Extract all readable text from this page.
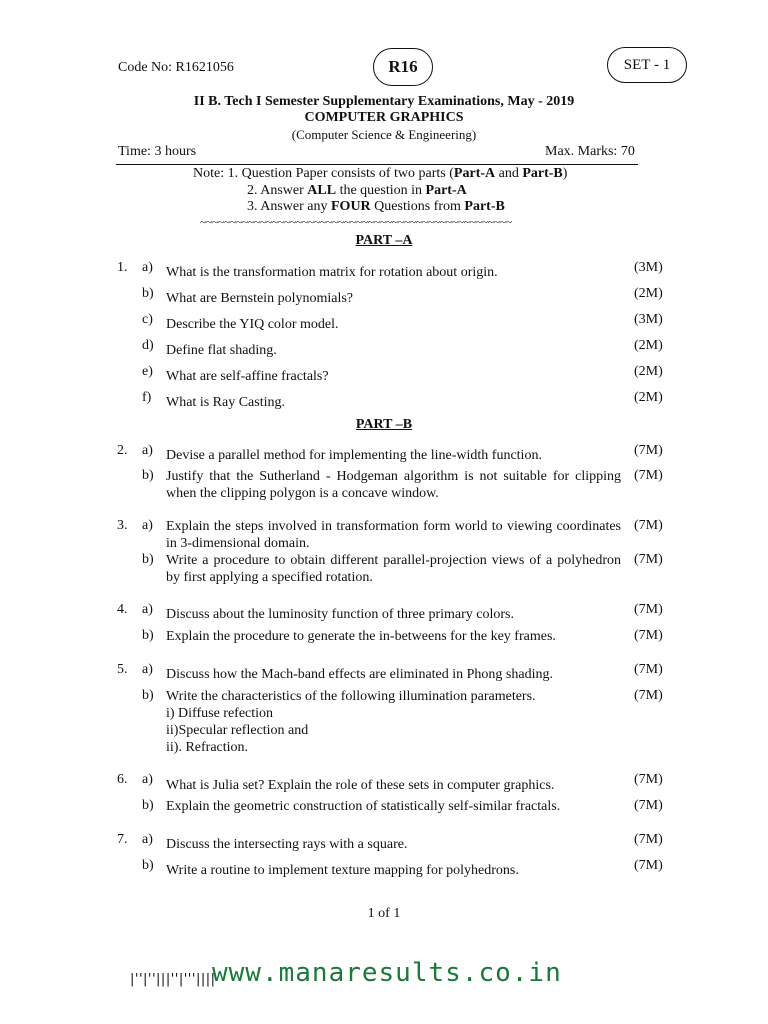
Code No: R1621056	R16	SET - 1
II B. Tech I Semester Supplementary Examinations, May - 2019
COMPUTER GRAPHICS
(Computer Science & Engineering)
Time: 3 hours	Max. Marks: 70
Note: 1. Question Paper consists of two parts (Part-A and Part-B)
2. Answer ALL the question in Part-A
3. Answer any FOUR Questions from Part-B
~~~~~~~~~~~~~~~~~~~~~~~~~~~~~~~~~~~~~~~~~~~~~~~~~~~~
PART –A
1. a) What is the transformation matrix for rotation about origin.	(3M)
b) What are Bernstein polynomials?	(2M)
c) Describe the YIQ color model.	(3M)
d) Define flat shading.	(2M)
e) What are self-affine fractals?	(2M)
f) What is Ray Casting.	(2M)
PART –B
2. a) Devise a parallel method for implementing the line-width function.	(7M)
b) Justify that the Sutherland - Hodgeman algorithm is not suitable for clipping when the clipping polygon is a concave window.
(7M)
3. a) Explain the steps involved in transformation form world to viewing coordinates in 3-dimensional domain.
(7M)
b) Write a procedure to obtain different parallel-projection views of a polyhedron by first applying a specified rotation.
(7M)
4. a) Discuss about the luminosity function of three primary colors.	(7M)
b) Explain the procedure to generate the in-betweens for the key frames.	(7M)
5. a) Discuss how the Mach-band effects are eliminated in Phong shading.	(7M)
b) Write the characteristics of the following illumination parameters.
i) Diffuse refection
ii)Specular reflection and
ii). Refraction.
(7M)
6. a) What is Julia set? Explain the role of these sets in computer graphics.	(7M)
b) Explain the geometric construction of statistically self-similar fractals.	(7M)
7. a) Discuss the intersecting rays with a square.	(7M)
b) Write a routine to implement texture mapping for polyhedrons.	(7M)
1 of 1
|''|''|||''|'''||||
www.manaresults.co.in
